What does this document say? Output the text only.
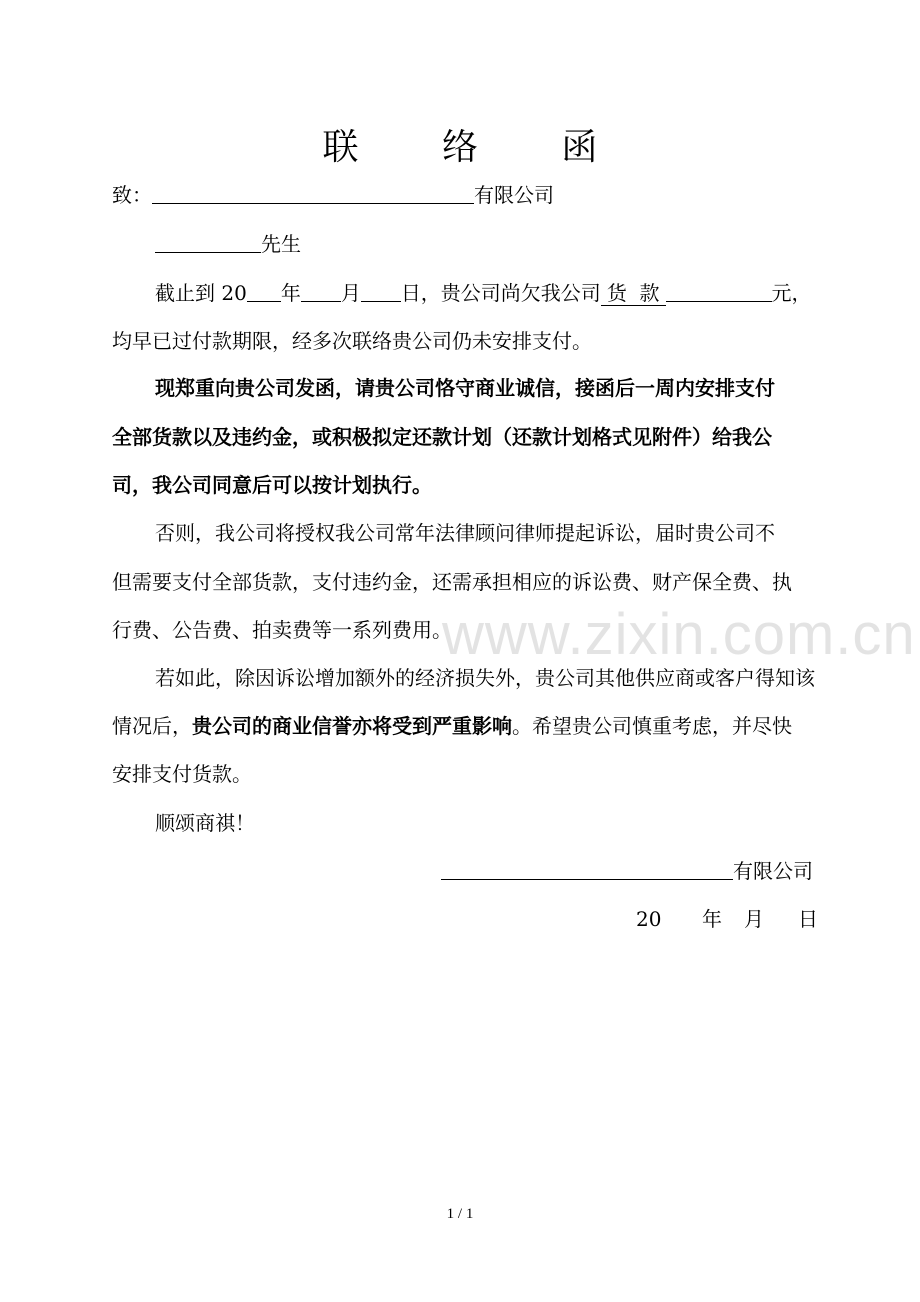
www.zixin.com.cn
联 络 函
致：	有限公司
先生
截止到 20 年 月 日，贵公司尚欠我公司 货  款	元，
均早已过付款期限，经多次联络贵公司仍未安排支付。
现郑重向贵公司发函，请贵公司恪守商业诚信，接函后一周内安排支付
全部货款以及违约金，或积极拟定还款计划（还款计划格式见附件）给我公
司，我公司同意后可以按计划执行。
否则，我公司将授权我公司常年法律顾问律师提起诉讼，届时贵公司不
但需要支付全部货款，支付违约金，还需承担相应的诉讼费、财产保全费、执
行费、公告费、拍卖费等一系列费用。
若如此，除因诉讼增加额外的经济损失外，贵公司其他供应商或客户得知该
情况后，贵公司的商业信誉亦将受到严重影响。希望贵公司慎重考虑，并尽快
安排支付货款。
顺颂商祺！
有限公司
20 年 月 日
1 / 1
